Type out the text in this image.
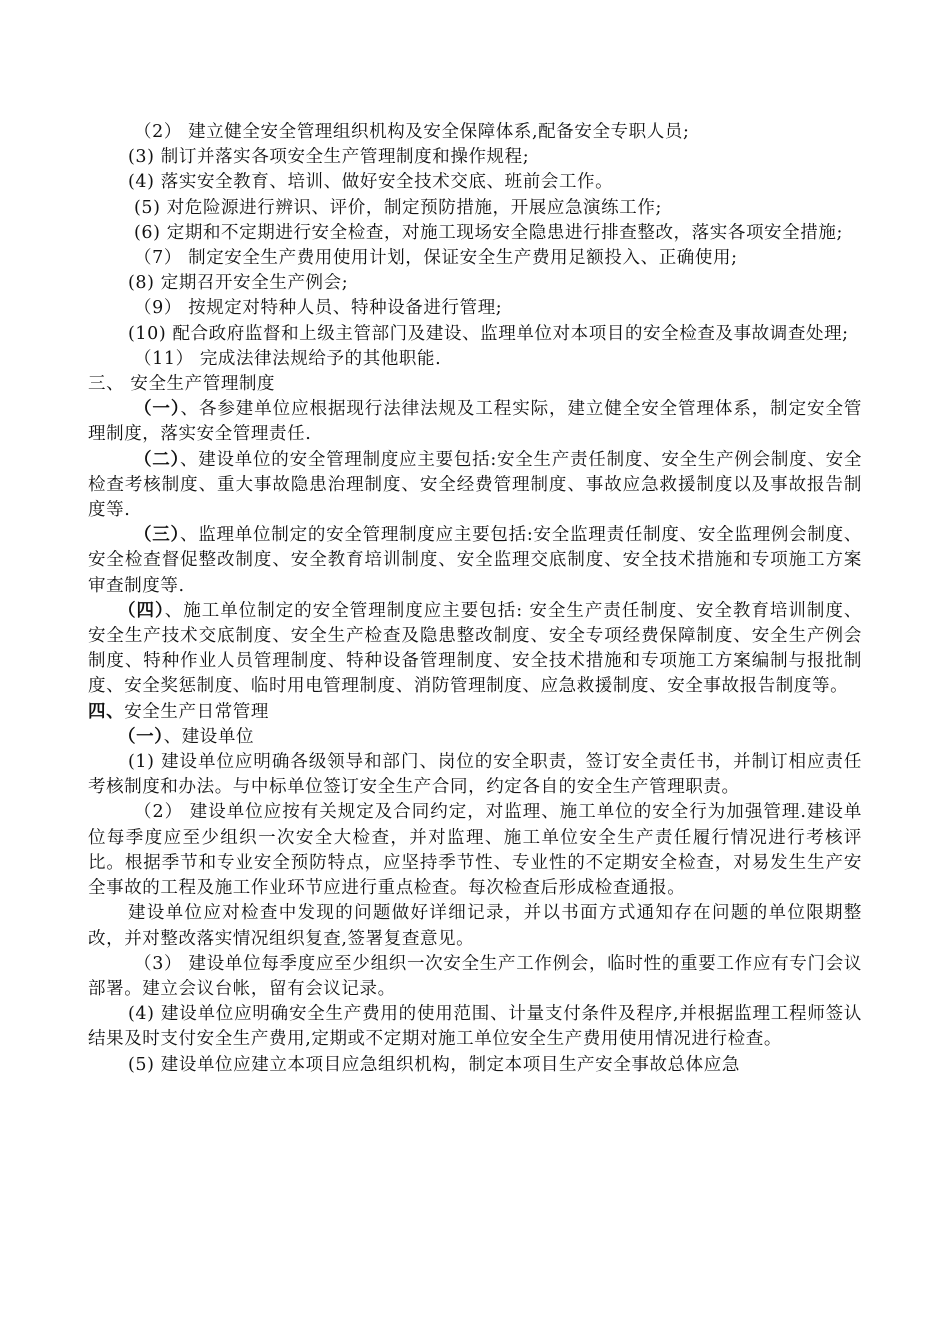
（2） 建立健全安全管理组织机构及安全保障体系,配备安全专职人员;

(3) 制订并落实各项安全生产管理制度和操作规程;

(4) 落实安全教育、培训、做好安全技术交底、班前会工作。

(5) 对危险源进行辨识、评价，制定预防措施，开展应急演练工作;

(6) 定期和不定期进行安全检查，对施工现场安全隐患进行排查整改，落实各项安全措施;

（7） 制定安全生产费用使用计划，保证安全生产费用足额投入、正确使用;

(8) 定期召开安全生产例会;

（9） 按规定对特种人员、特种设备进行管理;

(10) 配合政府监督和上级主管部门及建设、监理单位对本项目的安全检查及事故调查处理;

（11） 完成法律法规给予的其他职能.

三、 安全生产管理制度

（一）、各参建单位应根据现行法律法规及工程实际，建立健全安全管理体系，制定安全管理制度，落实安全管理责任.

（二）、建设单位的安全管理制度应主要包括:安全生产责任制度、安全生产例会制度、安全检查考核制度、重大事故隐患治理制度、安全经费管理制度、事故应急救援制度以及事故报告制度等.

（三）、监理单位制定的安全管理制度应主要包括:安全监理责任制度、安全监理例会制度、安全检查督促整改制度、安全教育培训制度、安全监理交底制度、安全技术措施和专项施工方案审查制度等.

（四）、施工单位制定的安全管理制度应主要包括: 安全生产责任制度、安全教育培训制度、安全生产技术交底制度、安全生产检查及隐患整改制度、安全专项经费保障制度、安全生产例会制度、特种作业人员管理制度、特种设备管理制度、安全技术措施和专项施工方案编制与报批制度、安全奖惩制度、临时用电管理制度、消防管理制度、应急救援制度、安全事故报告制度等。

四、安全生产日常管理

（一）、建设单位

(1) 建设单位应明确各级领导和部门、岗位的安全职责，签订安全责任书，并制订相应责任考核制度和办法。与中标单位签订安全生产合同，约定各自的安全生产管理职责。

（2） 建设单位应按有关规定及合同约定，对监理、施工单位的安全行为加强管理.建设单位每季度应至少组织一次安全大检查，并对监理、施工单位安全生产责任履行情况进行考核评比。根据季节和专业安全预防特点，应坚持季节性、专业性的不定期安全检查，对易发生生产安全事故的工程及施工作业环节应进行重点检查。每次检查后形成检查通报。

建设单位应对检查中发现的问题做好详细记录，并以书面方式通知存在问题的单位限期整改，并对整改落实情况组织复查,签署复查意见。

（3） 建设单位每季度应至少组织一次安全生产工作例会，临时性的重要工作应有专门会议部署。建立会议台帐，留有会议记录。

(4) 建设单位应明确安全生产费用的使用范围、计量支付条件及程序,并根据监理工程师签认结果及时支付安全生产费用,定期或不定期对施工单位安全生产费用使用情况进行检查。

(5) 建设单位应建立本项目应急组织机构，制定本项目生产安全事故总体应急
